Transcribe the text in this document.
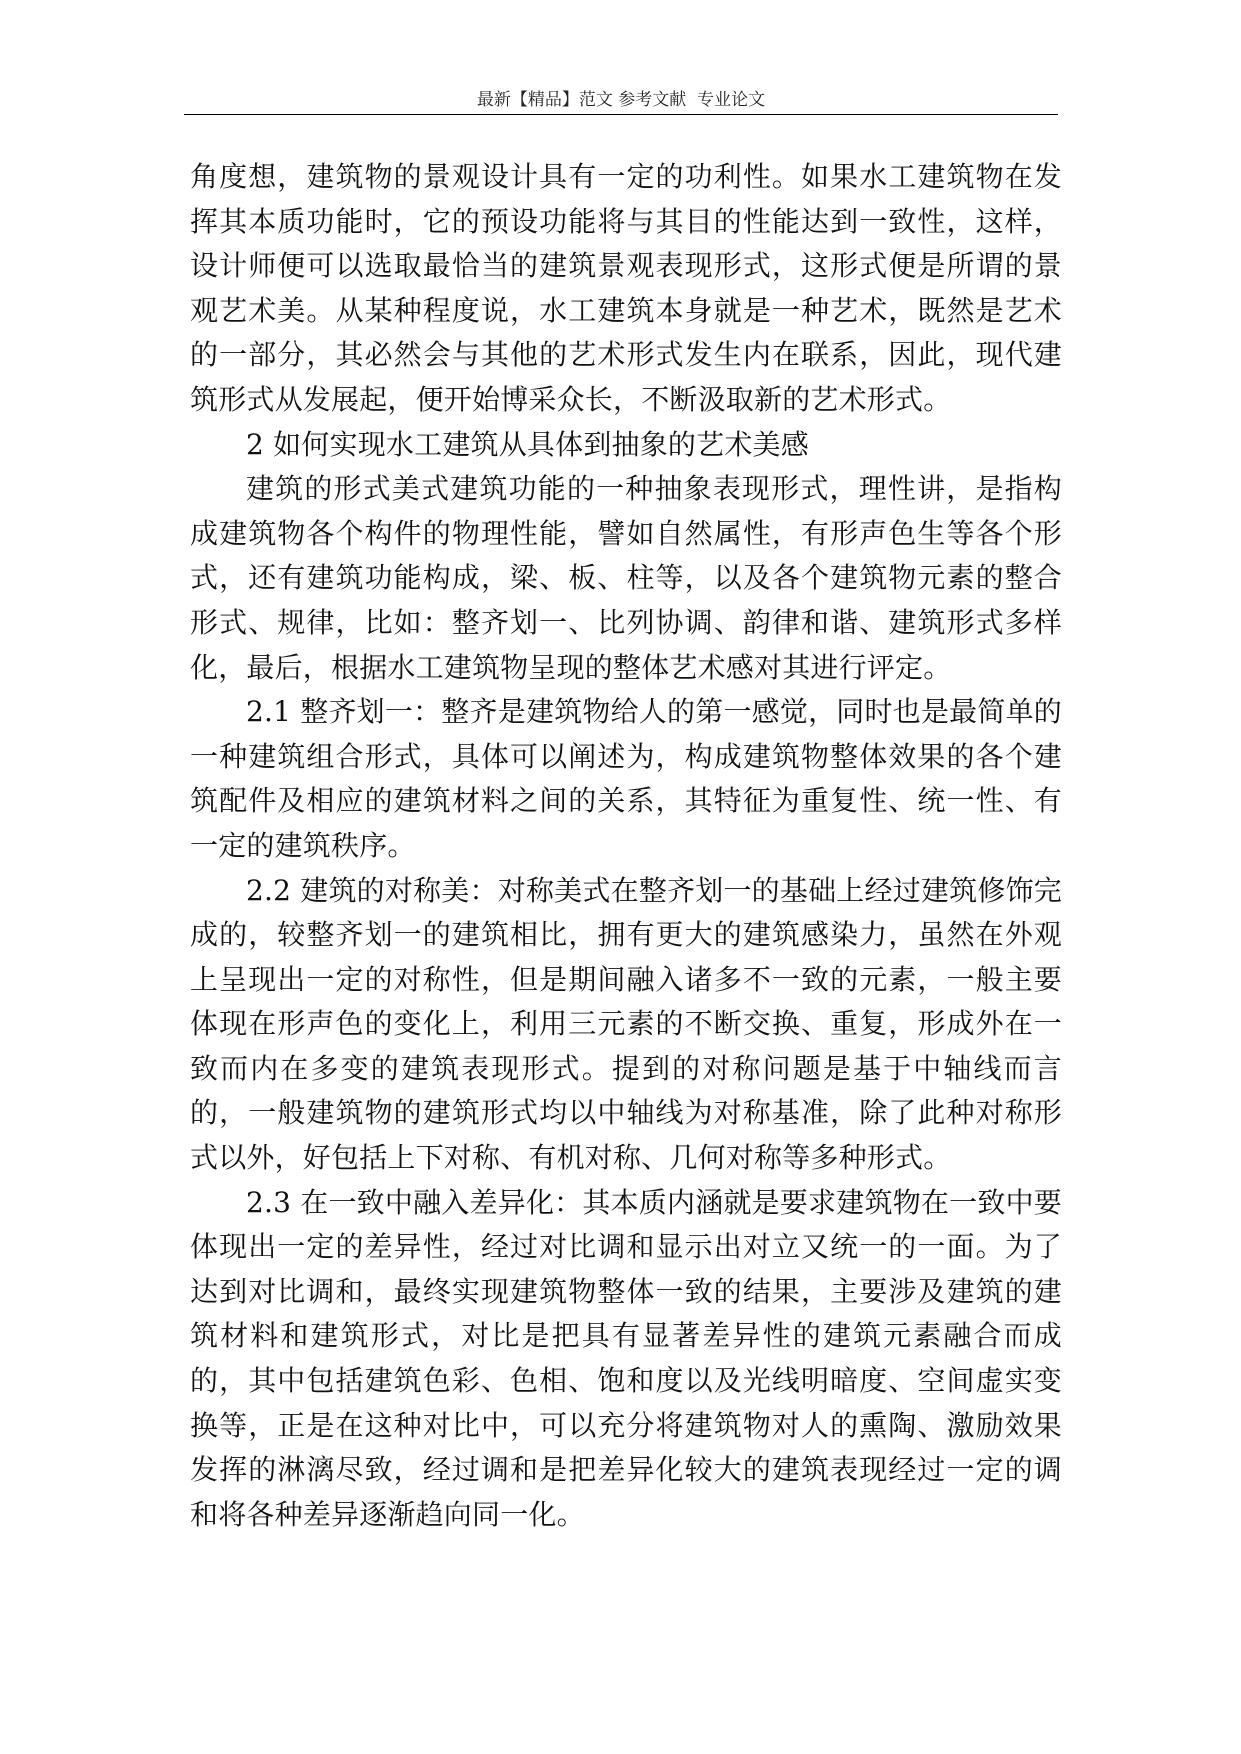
最新【精品】范文 参考文献  专业论文

角度想，建筑物的景观设计具有一定的功利性。如果水工建筑物在发挥其本质功能时，它的预设功能将与其目的性能达到一致性，这样，设计师便可以选取最恰当的建筑景观表现形式，这形式便是所谓的景观艺术美。从某种程度说，水工建筑本身就是一种艺术，既然是艺术的一部分，其必然会与其他的艺术形式发生内在联系，因此，现代建筑形式从发展起，便开始博采众长，不断汲取新的艺术形式。

2 如何实现水工建筑从具体到抽象的艺术美感

建筑的形式美式建筑功能的一种抽象表现形式，理性讲，是指构成建筑物各个构件的物理性能，譬如自然属性，有形声色生等各个形式，还有建筑功能构成，梁、板、柱等，以及各个建筑物元素的整合形式、规律，比如：整齐划一、比列协调、韵律和谐、建筑形式多样化，最后，根据水工建筑物呈现的整体艺术感对其进行评定。

2.1 整齐划一：整齐是建筑物给人的第一感觉，同时也是最简单的一种建筑组合形式，具体可以阐述为，构成建筑物整体效果的各个建筑配件及相应的建筑材料之间的关系，其特征为重复性、统一性、有一定的建筑秩序。

2.2 建筑的对称美：对称美式在整齐划一的基础上经过建筑修饰完成的，较整齐划一的建筑相比，拥有更大的建筑感染力，虽然在外观上呈现出一定的对称性，但是期间融入诸多不一致的元素，一般主要体现在形声色的变化上，利用三元素的不断交换、重复，形成外在一致而内在多变的建筑表现形式。提到的对称问题是基于中轴线而言的，一般建筑物的建筑形式均以中轴线为对称基准，除了此种对称形式以外，好包括上下对称、有机对称、几何对称等多种形式。

2.3 在一致中融入差异化：其本质内涵就是要求建筑物在一致中要体现出一定的差异性，经过对比调和显示出对立又统一的一面。为了达到对比调和，最终实现建筑物整体一致的结果，主要涉及建筑的建筑材料和建筑形式，对比是把具有显著差异性的建筑元素融合而成的，其中包括建筑色彩、色相、饱和度以及光线明暗度、空间虚实变换等，正是在这种对比中，可以充分将建筑物对人的熏陶、激励效果发挥的淋漓尽致，经过调和是把差异化较大的建筑表现经过一定的调和将各种差异逐渐趋向同一化。
